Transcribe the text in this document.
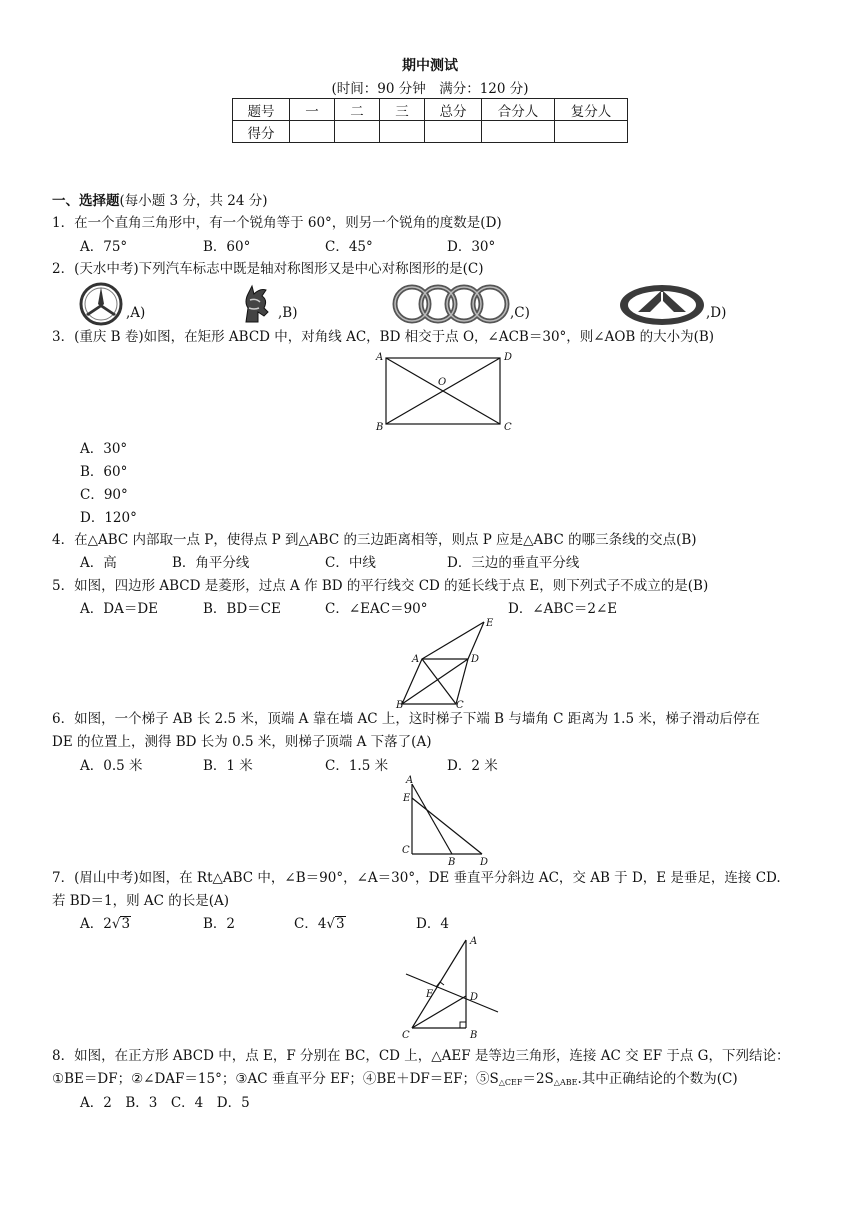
期中测试
(时间：90 分钟　满分：120 分)
题号	一	二	三	总分	合分人	复分人
得分						
一、选择题(每小题 3 分，共 24 分)
1．在一个直角三角形中，有一个锐角等于 60°，则另一个锐角的度数是(D)
A．75°	B．60°	C．45°	D．30°
2．(天水中考)下列汽车标志中既是轴对称图形又是中心对称图形的是(C)
,A)	,B)	,C)	,D)
3．(重庆 B 卷)如图，在矩形 ABCD 中，对角线 AC，BD 相交于点 O，∠ACB＝30°，则∠AOB 的大小为(B)
A	D
O
B	C
A．30°
B．60°
C．90°
D．120°
4．在△ABC 内部取一点 P，使得点 P 到△ABC 的三边距离相等，则点 P 应是△ABC 的哪三条线的交点(B)
A．高	B．角平分线	C．中线	D．三边的垂直平分线
5．如图，四边形 ABCD 是菱形，过点 A 作 BD 的平行线交 CD 的延长线于点 E，则下列式子不成立的是(B)
A．DA＝DE	B．BD＝CE	C．∠EAC＝90°	D．∠ABC＝2∠E
E
A	D
B	C
6．如图，一个梯子 AB 长 2.5 米，顶端 A 靠在墙 AC 上，这时梯子下端 B 与墙角 C 距离为 1.5 米，梯子滑动后停在
DE 的位置上，测得 BD 长为 0.5 米，则梯子顶端 A 下落了(A)
A．0.5 米	B．1 米	C．1.5 米	D．2 米
A
E
C
B D
7．(眉山中考)如图，在 Rt△ABC 中，∠B＝90°，∠A＝30°，DE 垂直平分斜边 AC，交 AB 于 D，E 是垂足，连接 CD.
若 BD＝1，则 AC 的长是(A)
A．2√3	B．2	C．4√3	D．4
A
E	D
C	B
8．如图，在正方形 ABCD 中，点 E，F 分别在 BC，CD 上，△AEF 是等边三角形，连接 AC 交 EF 于点 G，下列结论：
①BE＝DF；②∠DAF＝15°；③AC 垂直平分 EF；④BE＋DF＝EF；⑤S△CEF＝2S△ABE.其中正确结论的个数为(C)
A．2　B．3　C．4　D．5
